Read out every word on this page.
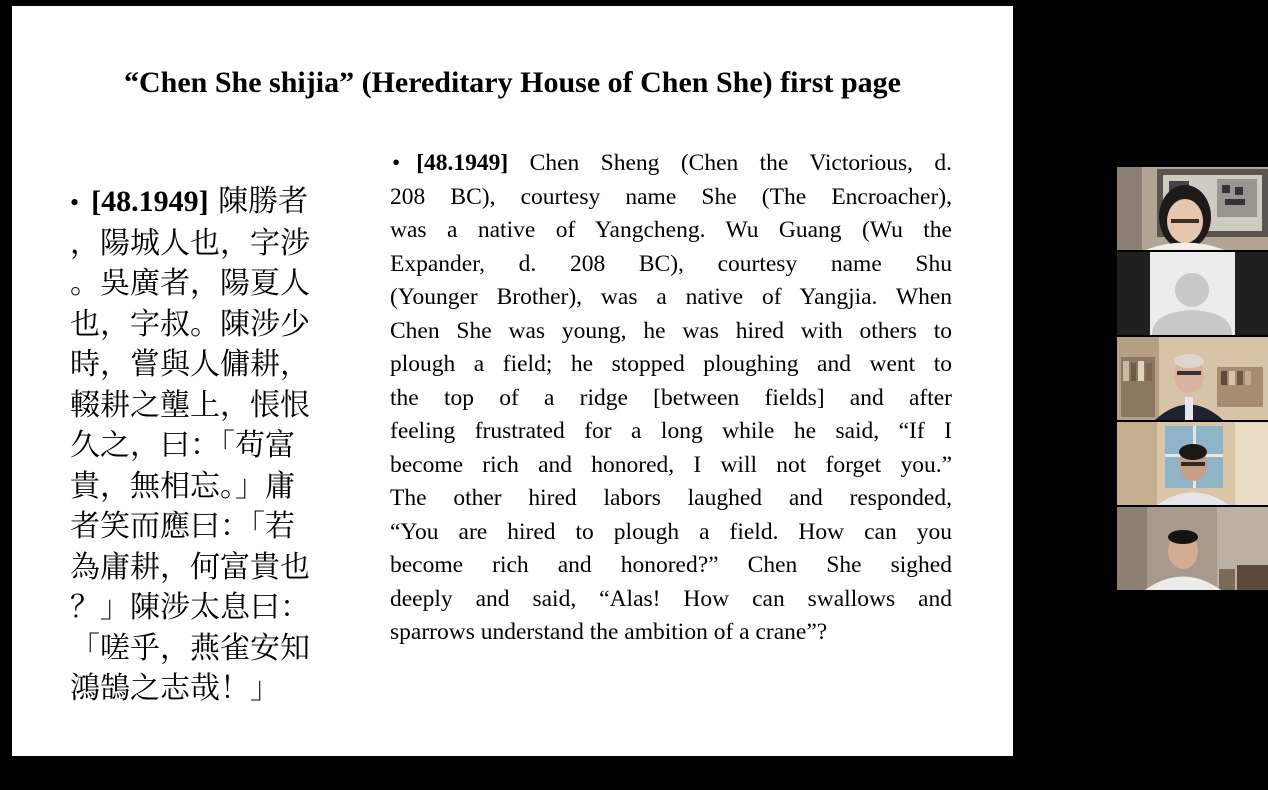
“Chen She shijia” (Hereditary House of Chen She) first page
• [48.1949] 陳勝者
，陽城人也，字涉
。吳廣者，陽夏人
也，字叔。陳涉少
時，嘗與人傭耕，
輟耕之壟上，悵恨
久之，曰：「苟富
貴，無相忘。」庸
者笑而應曰：「若
為庸耕，何富貴也
？」陳涉太息曰：
「嗟乎，燕雀安知
鴻鵠之志哉！」
• [48.1949] Chen Sheng (Chen the Victorious, d.
208 BC), courtesy name She (The Encroacher),
was a native of Yangcheng. Wu Guang (Wu the
Expander, d. 208 BC), courtesy name Shu
(Younger Brother), was a native of Yangjia. When
Chen She was young, he was hired with others to
plough a field; he stopped ploughing and went to
the top of a ridge [between fields] and after
feeling frustrated for a long while he said, “If I
become rich and honored, I will not forget you.”
The other hired labors laughed and responded,
“You are hired to plough a field. How can you
become rich and honored?” Chen She sighed
deeply and said, “Alas! How can swallows and
sparrows understand the ambition of a crane”?
